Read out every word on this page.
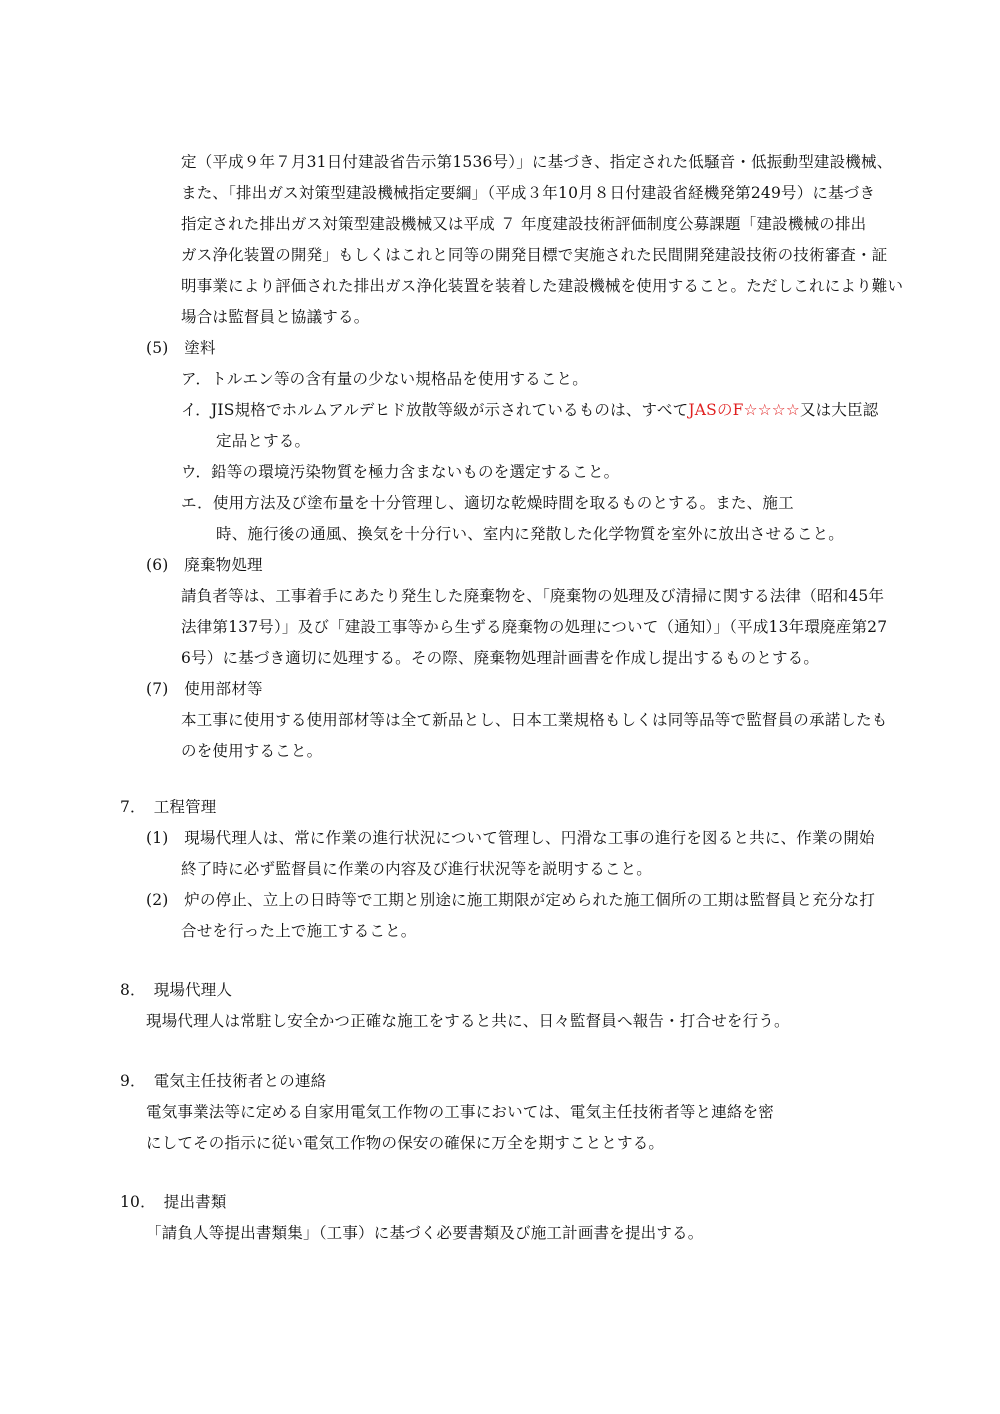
定（平成９年７月31日付建設省告示第1536号）」に基づき、指定された低騒音・低振動型建設機械、
また、「排出ガス対策型建設機械指定要綱」（平成３年10月８日付建設省経機発第249号）に基づき
指定された排出ガス対策型建設機械又は平成 ７ 年度建設技術評価制度公募課題「建設機械の排出
ガス浄化装置の開発」もしくはこれと同等の開発目標で実施された民間開発建設技術の技術審査・証
明事業により評価された排出ガス浄化装置を装着した建設機械を使用すること。ただしこれにより難い
場合は監督員と協議する。
(5)　塗料
ア．トルエン等の含有量の少ない規格品を使用すること。
イ．JIS規格でホルムアルデヒド放散等級が示されているものは、すべてJASのF☆☆☆☆又は大臣認
定品とする。
ウ．鉛等の環境汚染物質を極力含まないものを選定すること。
エ．使用方法及び塗布量を十分管理し、適切な乾燥時間を取るものとする。また、施工
時、施行後の通風、換気を十分行い、室内に発散した化学物質を室外に放出させること。
(6)　廃棄物処理
請負者等は、工事着手にあたり発生した廃棄物を、「廃棄物の処理及び清掃に関する法律（昭和45年
法律第137号）」及び「建設工事等から生ずる廃棄物の処理について（通知）」（平成13年環廃産第27
6号）に基づき適切に処理する。その際、廃棄物処理計画書を作成し提出するものとする。
(7)　使用部材等
本工事に使用する使用部材等は全て新品とし、日本工業規格もしくは同等品等で監督員の承諾したも
のを使用すること。
7．　工程管理
(1)　現場代理人は、常に作業の進行状況について管理し、円滑な工事の進行を図ると共に、作業の開始
終了時に必ず監督員に作業の内容及び進行状況等を説明すること。
(2)　炉の停止、立上の日時等で工期と別途に施工期限が定められた施工個所の工期は監督員と充分な打
合せを行った上で施工すること。
8．　現場代理人
現場代理人は常駐し安全かつ正確な施工をすると共に、日々監督員へ報告・打合せを行う。
9．　電気主任技術者との連絡
電気事業法等に定める自家用電気工作物の工事においては、電気主任技術者等と連絡を密
にしてその指示に従い電気工作物の保安の確保に万全を期すこととする。
10．　提出書類
「請負人等提出書類集」（工事）に基づく必要書類及び施工計画書を提出する。
